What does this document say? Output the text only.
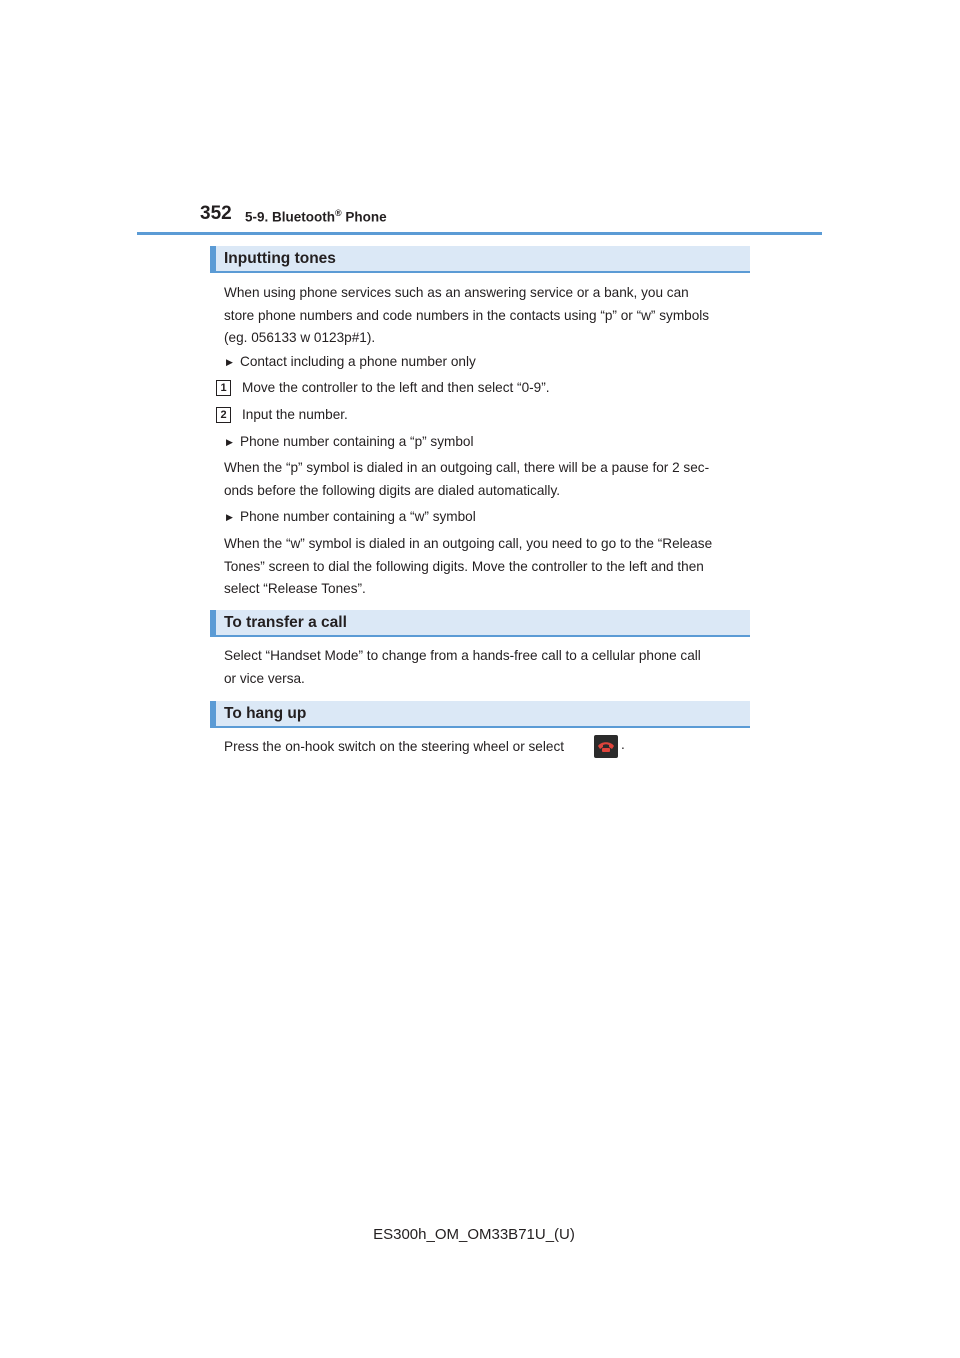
352 5-9. Bluetooth® Phone
Inputting tones
When using phone services such as an answering service or a bank, you can
store phone numbers and code numbers in the contacts using “p” or “w” symbols
(eg. 056133 w 0123p#1).
▶ Contact including a phone number only
1	Move the controller to the left and then select “0-9”.
2	Input the number.
▶ Phone number containing a “p” symbol
When the “p” symbol is dialed in an outgoing call, there will be a pause for 2 sec-
onds before the following digits are dialed automatically.
▶ Phone number containing a “w” symbol
When the “w” symbol is dialed in an outgoing call, you need to go to the “Release
Tones” screen to dial the following digits. Move the controller to the left and then
select “Release Tones”.
To transfer a call
Select “Handset Mode” to change from a hands-free call to a cellular phone call
or vice versa.
To hang up
Press the on-hook switch on the steering wheel or select	.
ES300h_OM_OM33B71U_(U)
